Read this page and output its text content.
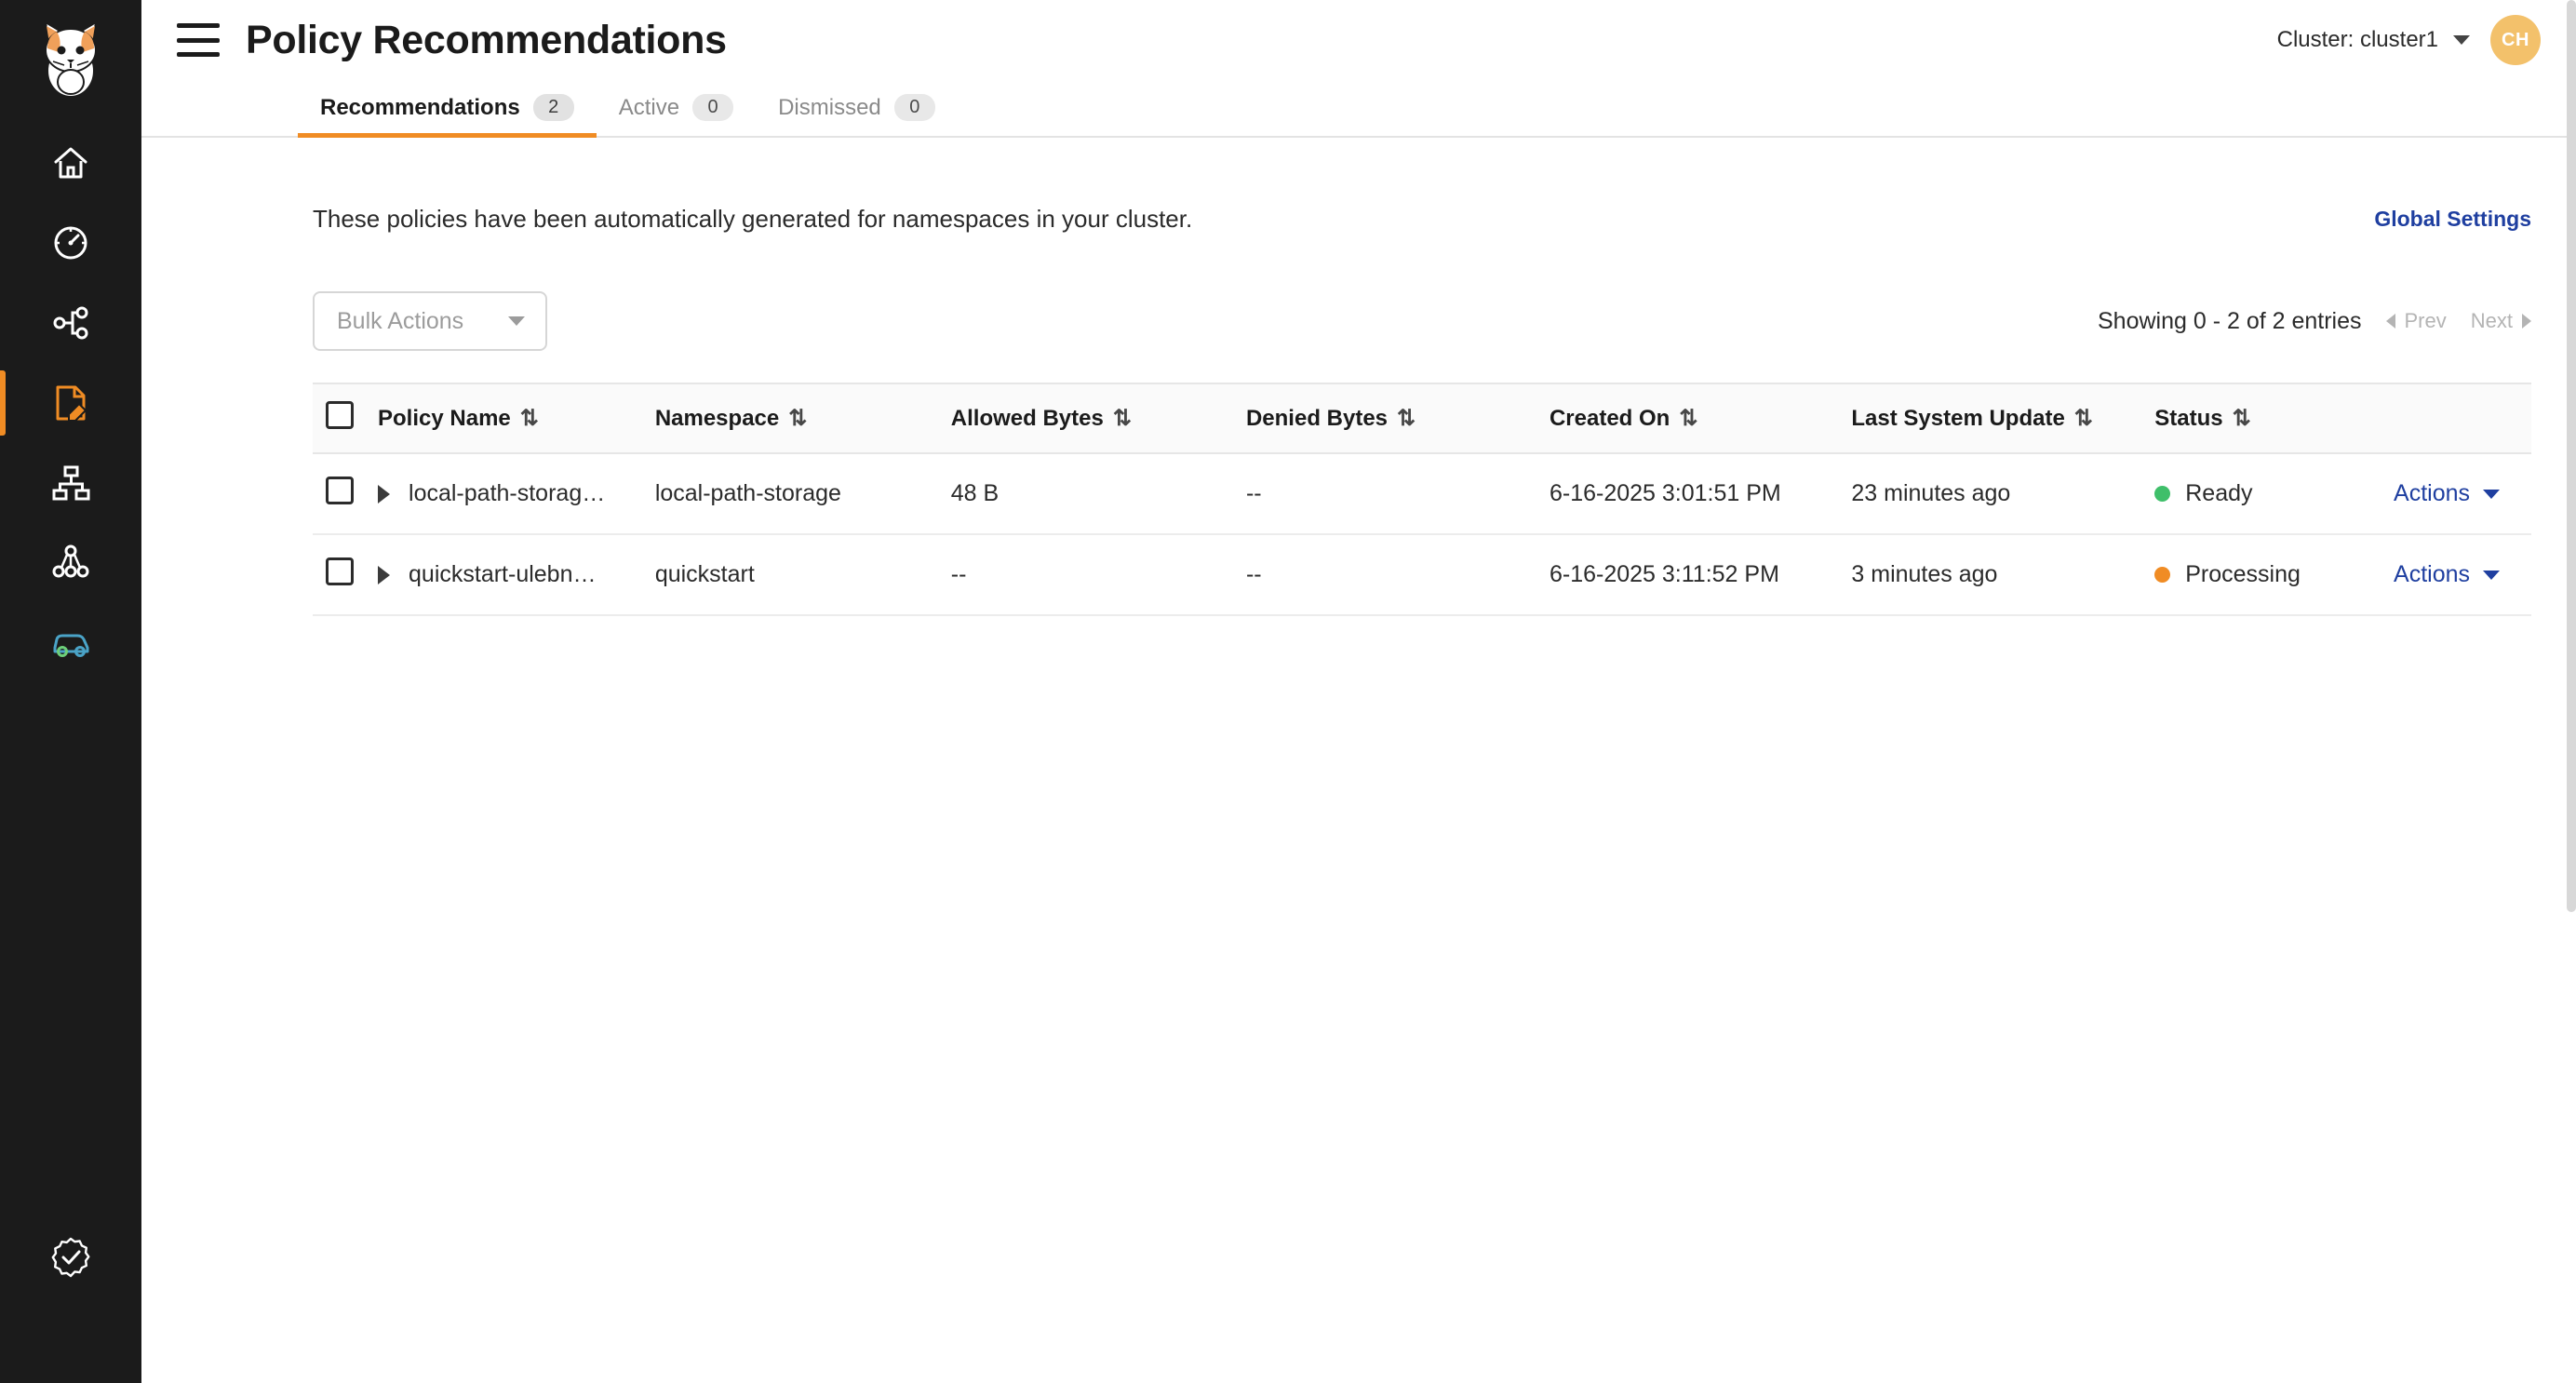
Policy Recommendations	Cluster: cluster1	CH
Recommendations	2	Active	0	Dismissed	0
These policies have been automatically generated for namespaces in your cluster.	Global Settings
Bulk Actions	Showing 0 - 2 of 2 entries Prev Next
	Policy Name ⇅	Namespace ⇅	Allowed Bytes ⇅	Denied Bytes ⇅	Created On ⇅	Last System Update ⇅	Status ⇅	

	local-path-storag…	local-path-storage	48 B	--	6-16-2025 3:01:51 PM	23 minutes ago	Ready	Actions

	quickstart-ulebn…	quickstart	--	--	6-16-2025 3:11:52 PM	3 minutes ago	Processing	Actions
